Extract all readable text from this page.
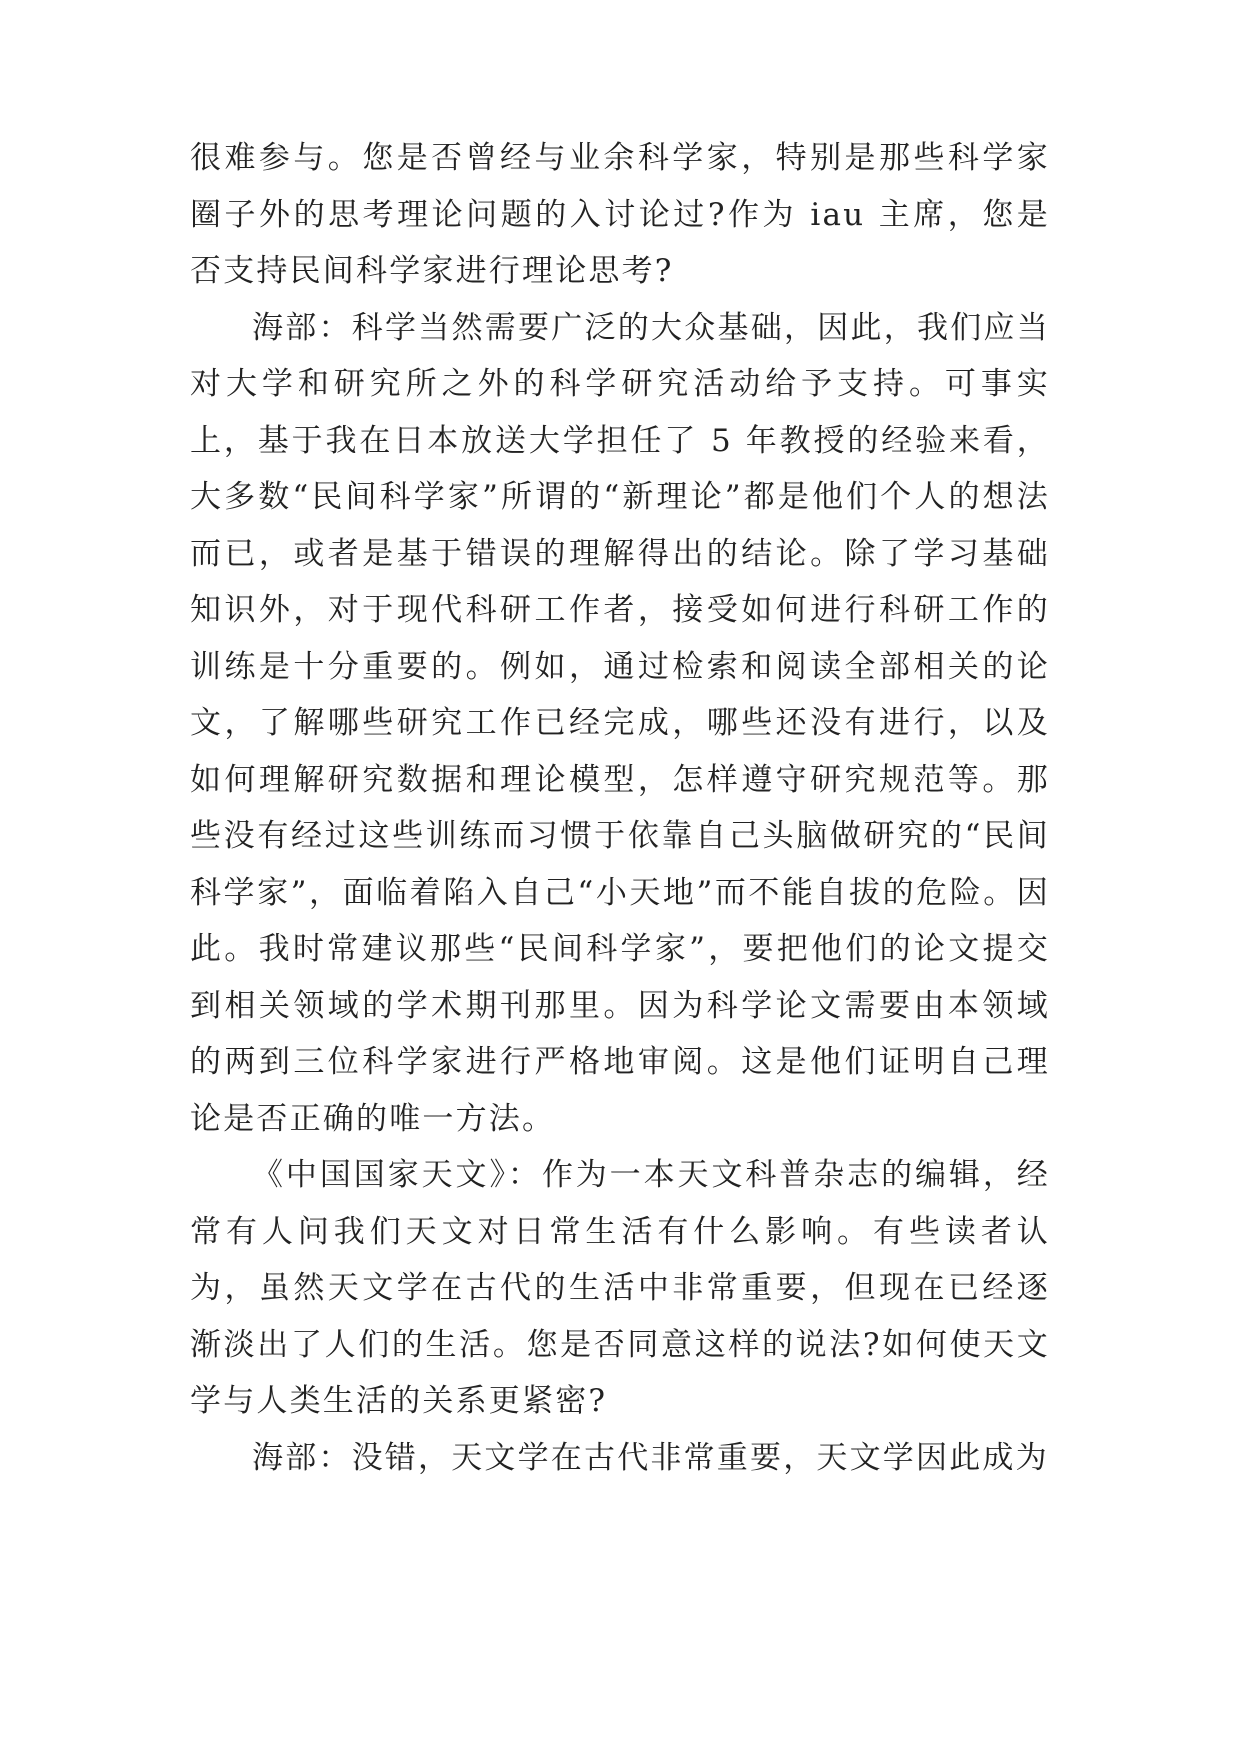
很难参与。您是否曾经与业余科学家，特别是那些科学家圈子外的思考理论问题的入讨论过?作为 iau 主席，您是否支持民间科学家进行理论思考?

海部：科学当然需要广泛的大众基础，因此，我们应当对大学和研究所之外的科学研究活动给予支持。可事实上，基于我在日本放送大学担任了 5 年教授的经验来看，大多数“民间科学家”所谓的“新理论”都是他们个人的想法而已，或者是基于错误的理解得出的结论。除了学习基础知识外，对于现代科研工作者，接受如何进行科研工作的训练是十分重要的。例如，通过检索和阅读全部相关的论文，了解哪些研究工作已经完成，哪些还没有进行，以及如何理解研究数据和理论模型，怎样遵守研究规范等。那些没有经过这些训练而习惯于依靠自己头脑做研究的“民间科学家”，面临着陷入自己“小天地”而不能自拔的危险。因此。我时常建议那些“民间科学家”，要把他们的论文提交到相关领域的学术期刊那里。因为科学论文需要由本领域的两到三位科学家进行严格地审阅。这是他们证明自己理论是否正确的唯一方法。

《中国国家天文》：作为一本天文科普杂志的编辑，经常有人问我们天文对日常生活有什么影响。有些读者认为，虽然天文学在古代的生活中非常重要，但现在已经逐渐淡出了人们的生活。您是否同意这样的说法?如何使天文学与人类生活的关系更紧密?

海部：没错，天文学在古代非常重要，天文学因此成为
